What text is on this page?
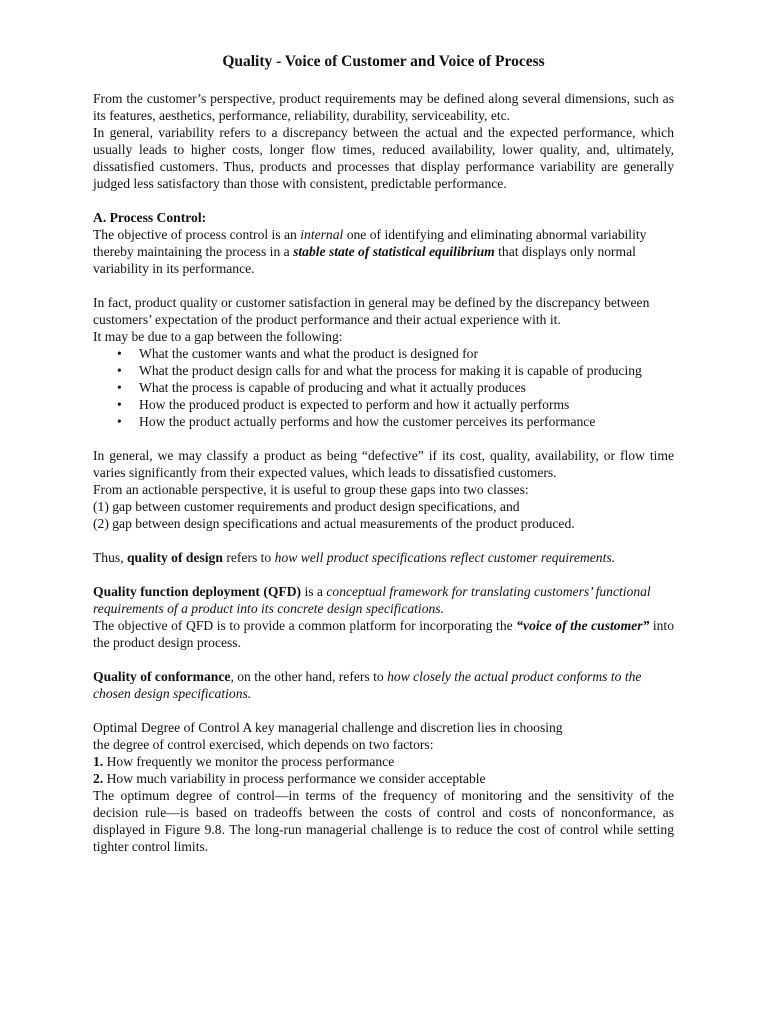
Quality - Voice of Customer and Voice of Process

From the customer’s perspective, product requirements may be defined along several dimensions, such as its features, aesthetics, performance, reliability, durability, serviceability, etc.

In general, variability refers to a discrepancy between the actual and the expected performance, which usually leads to higher costs, longer flow times, reduced availability, lower quality, and, ultimately, dissatisfied customers. Thus, products and processes that display performance variability are generally judged less satisfactory than those with consistent, predictable performance.

A. Process Control:

The objective of process control is an internal one of identifying and eliminating abnormal variability thereby maintaining the process in a stable state of statistical equilibrium that displays only normal variability in its performance.

In fact, product quality or customer satisfaction in general may be defined by the discrepancy between customers’ expectation of the product performance and their actual experience with it.

It may be due to a gap between the following:

• What the customer wants and what the product is designed for
• What the product design calls for and what the process for making it is capable of producing
• What the process is capable of producing and what it actually produces
• How the produced product is expected to perform and how it actually performs
• How the product actually performs and how the customer perceives its performance

In general, we may classify a product as being “defective” if its cost, quality, availability, or flow time varies significantly from their expected values, which leads to dissatisfied customers.

From an actionable perspective, it is useful to group these gaps into two classes:

(1) gap between customer requirements and product design specifications, and

(2) gap between design specifications and actual measurements of the product produced.

Thus, quality of design refers to how well product specifications reflect customer requirements.

Quality function deployment (QFD) is a conceptual framework for translating customers’ functional requirements of a product into its concrete design specifications.

The objective of QFD is to provide a common platform for incorporating the “voice of the customer” into the product design process.

Quality of conformance, on the other hand, refers to how closely the actual product conforms to the chosen design specifications.

Optimal Degree of Control A key managerial challenge and discretion lies in choosing

the degree of control exercised, which depends on two factors:

1. How frequently we monitor the process performance

2. How much variability in process performance we consider acceptable

The optimum degree of control—in terms of the frequency of monitoring and the sensitivity of the decision rule—is based on tradeoffs between the costs of control and costs of nonconformance, as displayed in Figure 9.8. The long-run managerial challenge is to reduce the cost of control while setting tighter control limits.
